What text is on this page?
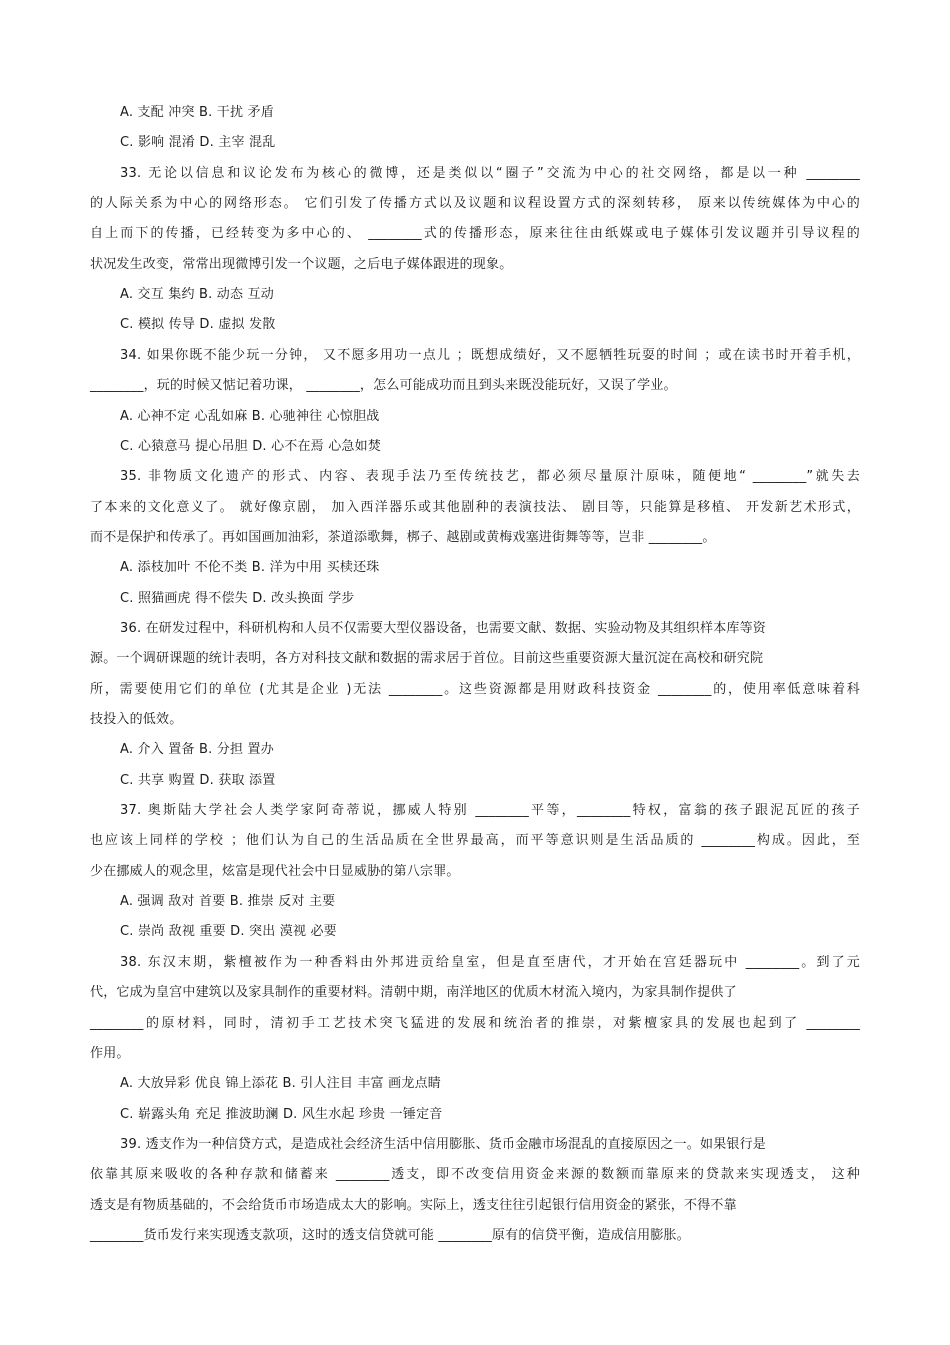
A. 支配 冲突 B. 干扰 矛盾
C. 影响 混淆 D. 主宰 混乱
33. 无论以信息和议论发布为核心的微博，还是类似以“圈子”交流为中心的社交网络，都是以一种 ________
的人际关系为中心的网络形态。 它们引发了传播方式以及议题和议程设置方式的深刻转移， 原来以传统媒体为中心的
自上而下的传播，已经转变为多中心的、 ________式的传播形态，原来往往由纸媒或电子媒体引发议题并引导议程的
状况发生改变，常常出现微博引发一个议题，之后电子媒体跟进的现象。
A. 交互 集约 B. 动态 互动
C. 模拟 传导 D. 虚拟 发散
34. 如果你既不能少玩一分钟， 又不愿多用功一点儿 ；既想成绩好，又不愿牺牲玩耍的时间 ；或在读书时开着手机，
________，玩的时候又惦记着功课， ________，怎么可能成功而且到头来既没能玩好，又误了学业。
A. 心神不定 心乱如麻 B. 心驰神往 心惊胆战
C. 心猿意马 提心吊胆 D. 心不在焉 心急如焚
35. 非物质文化遗产的形式、内容、表现手法乃至传统技艺，都必须尽量原汁原味，随便地“ ________”就失去
了本来的文化意义了。 就好像京剧， 加入西洋器乐或其他剧种的表演技法、 剧目等，只能算是移植、 开发新艺术形式，
而不是保护和传承了。再如国画加油彩，茶道添歌舞，梆子、越剧或黄梅戏塞进街舞等等，岂非 ________。
A. 添枝加叶 不伦不类 B. 洋为中用 买椟还珠
C. 照猫画虎 得不偿失 D. 改头换面 学步
36. 在研发过程中，科研机构和人员不仅需要大型仪器设备，也需要文献、数据、实验动物及其组织样本库等资
源。一个调研课题的统计表明，各方对科技文献和数据的需求居于首位。目前这些重要资源大量沉淀在高校和研究院
所，需要使用它们的单位 (尤其是企业 )无法 ________。这些资源都是用财政科技资金 ________的，使用率低意味着科
技投入的低效。
A. 介入 置备 B. 分担 置办
C. 共享 购置 D. 获取 添置
37. 奥斯陆大学社会人类学家阿奇蒂说，挪威人特别 ________平等，________特权，富翁的孩子跟泥瓦匠的孩子
也应该上同样的学校 ；他们认为自己的生活品质在全世界最高，而平等意识则是生活品质的 ________构成。因此，至
少在挪威人的观念里，炫富是现代社会中日显威胁的第八宗罪。
A. 强调 敌对 首要 B. 推崇 反对 主要
C. 崇尚 敌视 重要 D. 突出 漠视 必要
38. 东汉末期，紫檀被作为一种香料由外邦进贡给皇室，但是直至唐代，才开始在宫廷器玩中 ________。到了元
代，它成为皇宫中建筑以及家具制作的重要材料。清朝中期，南洋地区的优质木材流入境内，为家具制作提供了
________的原材料，同时，清初手工艺技术突飞猛进的发展和统治者的推崇，对紫檀家具的发展也起到了 ________
作用。
A. 大放异彩 优良 锦上添花 B. 引人注目 丰富 画龙点睛
C. 崭露头角 充足 推波助澜 D. 风生水起 珍贵 一锤定音
39. 透支作为一种信贷方式，是造成社会经济生活中信用膨胀、货币金融市场混乱的直接原因之一。如果银行是
依靠其原来吸收的各种存款和储蓄来 ________透支，即不改变信用资金来源的数额而靠原来的贷款来实现透支， 这种
透支是有物质基础的，不会给货币市场造成太大的影响。实际上，透支往往引起银行信用资金的紧张，不得不靠
________货币发行来实现透支款项，这时的透支信贷就可能 ________原有的信贷平衡，造成信用膨胀。
